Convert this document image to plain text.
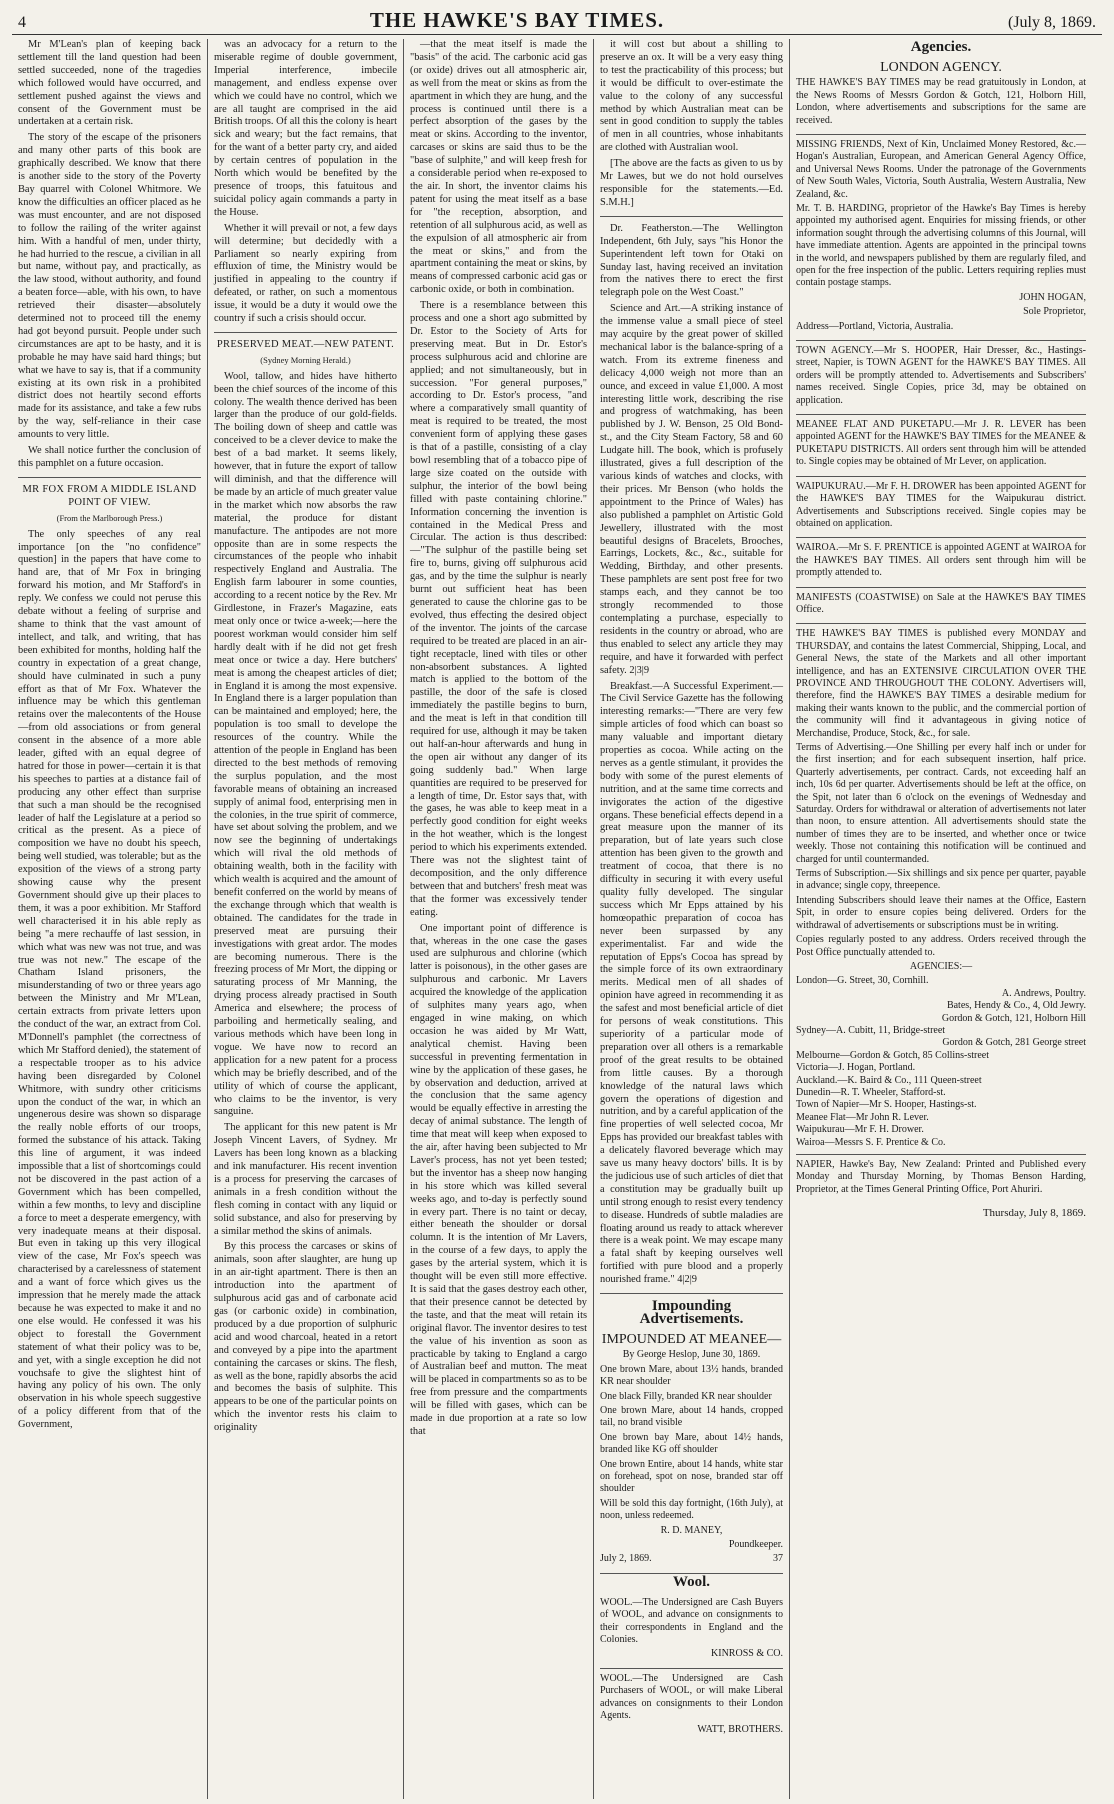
4	THE HAWKE'S BAY TIMES.	(July 8, 1869.

Mr M'Lean's plan of keeping back settlement till the land question had been settled succeeded, none of the tragedies which followed would have occurred, and settlement pushed against the views and consent of the Government must be undertaken at a certain risk.

The story of the escape of the prisoners and many other parts of this book are graphically described. We know that there is another side to the story of the Poverty Bay quarrel with Colonel Whitmore. We know the difficulties an officer placed as he was must encounter, and are not disposed to follow the railing of the writer against him. With a handful of men, under thirty, he had hurried to the rescue, a civilian in all but name, without pay, and practically, as the law stood, without authority, and found a beaten force—able, with his own, to have retrieved their disaster—absolutely determined not to proceed till the enemy had got beyond pursuit. People under such circumstances are apt to be hasty, and it is probable he may have said hard things; but what we have to say is, that if a community existing at its own risk in a prohibited district does not heartily second efforts made for its assistance, and take a few rubs by the way, self-reliance in their case amounts to very little.

We shall notice further the conclusion of this pamphlet on a future occasion.

MR FOX FROM A MIDDLE ISLAND POINT OF VIEW.
(From the Marlborough Press.)

The only speeches of any real importance [on the "no confidence" question] in the papers that have come to hand are, that of Mr Fox in bringing forward his motion, and Mr Stafford's in reply. We confess we could not peruse this debate without a feeling of surprise and shame to think that the vast amount of intellect, and talk, and writing, that has been exhibited for months, holding half the country in expectation of a great change, should have culminated in such a puny effort as that of Mr Fox. Whatever the influence may be which this gentleman retains over the malecontents of the House—from old associations or from general consent in the absence of a more able leader, gifted with an equal degree of hatred for those in power—certain it is that his speeches to parties at a distance fail of producing any other effect than surprise that such a man should be the recognised leader of half the Legislature at a period so critical as the present. As a piece of composition we have no doubt his speech, being well studied, was tolerable; but as the exposition of the views of a strong party showing cause why the present Government should give up their places to them, it was a poor exhibition. Mr Stafford well characterised it in his able reply as being "a mere rechauffe of last session, in which what was new was not true, and was true was not new." The escape of the Chatham Island prisoners, the misunderstanding of two or three years ago between the Ministry and Mr M'Lean, certain extracts from private letters upon the conduct of the war, an extract from Col. M'Donnell's pamphlet (the correctness of which Mr Stafford denied), the statement of a respectable trooper as to his advice having been disregarded by Colonel Whitmore, with sundry other criticisms upon the conduct of the war, in which an ungenerous desire was shown so disparage the really noble efforts of our troops, formed the substance of his attack. Taking this line of argument, it was indeed impossible that a list of shortcomings could not be discovered in the past action of a Government which has been compelled, within a few months, to levy and discipline a force to meet a desperate emergency, with very inadequate means at their disposal. But even in taking up this very illogical view of the case, Mr Fox's speech was characterised by a carelessness of statement and a want of force which gives us the impression that he merely made the attack because he was expected to make it and no one else would. He confessed it was his object to forestall the Government statement of what their policy was to be, and yet, with a single exception he did not vouchsafe to give the slightest hint of having any policy of his own. The only observation in his whole speech suggestive of a policy different from that of the Government,

was an advocacy for a return to the miserable regime of double government, Imperial interference, imbecile management, and endless expense over which we could have no control, which we are all taught are comprised in the aid British troops. Of all this the colony is heart sick and weary; but the fact remains, that for the want of a better party cry, and aided by certain centres of population in the North which would be benefited by the presence of troops, this fatuitous and suicidal policy again commands a party in the House.

Whether it will prevail or not, a few days will determine; but decidedly with a Parliament so nearly expiring from effluxion of time, the Ministry would be justified in appealing to the country if defeated, or rather, on such a momentous issue, it would be a duty it would owe the country if such a crisis should occur.

PRESERVED MEAT.—NEW PATENT.
(Sydney Morning Herald.)

Wool, tallow, and hides have hitherto been the chief sources of the income of this colony. The wealth thence derived has been larger than the produce of our gold-fields. The boiling down of sheep and cattle was conceived to be a clever device to make the best of a bad market. It seems likely, however, that in future the export of tallow will diminish, and that the difference will be made by an article of much greater value in the market which now absorbs the raw material, the produce for distant manufacture. The antipodes are not more opposite than are in some respects the circumstances of the people who inhabit respectively England and Australia. The English farm labourer in some counties, according to a recent notice by the Rev. Mr Girdlestone, in Frazer's Magazine, eats meat only once or twice a-week;—here the poorest workman would consider him self hardly dealt with if he did not get fresh meat once or twice a day. Here butchers' meat is among the cheapest articles of diet; in England it is among the most expensive. In England there is a larger population than can be maintained and employed; here, the population is too small to develope the resources of the country. While the attention of the people in England has been directed to the best methods of removing the surplus population, and the most favorable means of obtaining an increased supply of animal food, enterprising men in the colonies, in the true spirit of commerce, have set about solving the problem, and we now see the beginning of undertakings which will rival the old methods of obtaining wealth, both in the facility with which wealth is acquired and the amount of benefit conferred on the world by means of the exchange through which that wealth is obtained. The candidates for the trade in preserved meat are pursuing their investigations with great ardor. The modes are becoming numerous. There is the freezing process of Mr Mort, the dipping or saturating process of Mr Manning, the drying process already practised in South America and elsewhere; the process of parboiling and hermetically sealing, and various methods which have been long in vogue. We have now to record an application for a new patent for a process which may be briefly described, and of the utility of which of course the applicant, who claims to be the inventor, is very sanguine.

The applicant for this new patent is Mr Joseph Vincent Lavers, of Sydney. Mr Lavers has been long known as a blacking and ink manufacturer. His recent invention is a process for preserving the carcases of animals in a fresh condition without the flesh coming in contact with any liquid or solid substance, and also for preserving by a similar method the skins of animals.

By this process the carcases or skins of animals, soon after slaughter, are hung up in an air-tight apartment. There is then an introduction into the apartment of sulphurous acid gas and of carbonate acid gas (or carbonic oxide) in combination, produced by a due proportion of sulphuric acid and wood charcoal, heated in a retort and conveyed by a pipe into the apartment containing the carcases or skins. The flesh, as well as the bone, rapidly absorbs the acid and becomes the basis of sulphite. This appears to be one of the particular points on which the inventor rests his claim to originality

—that the meat itself is made the "basis" of the acid. The carbonic acid gas (or oxide) drives out all atmospheric air, as well from the meat or skins as from the apartment in which they are hung, and the process is continued until there is a perfect absorption of the gases by the meat or skins. According to the inventor, carcases or skins are said thus to be the "base of sulphite," and will keep fresh for a considerable period when re-exposed to the air. In short, the inventor claims his patent for using the meat itself as a base for "the reception, absorption, and retention of all sulphurous acid, as well as the expulsion of all atmospheric air from the meat or skins," and from the apartment containing the meat or skins, by means of compressed carbonic acid gas or carbonic oxide, or both in combination.

There is a resemblance between this process and one a short ago submitted by Dr. Estor to the Society of Arts for preserving meat. But in Dr. Estor's process sulphurous acid and chlorine are applied; and not simultaneously, but in succession. "For general purposes," according to Dr. Estor's process, "and where a comparatively small quantity of meat is required to be treated, the most convenient form of applying these gases is that of a pastille, consisting of a clay bowl resembling that of a tobacco pipe of large size coated on the outside with sulphur, the interior of the bowl being filled with paste containing chlorine." Information concerning the invention is contained in the Medical Press and Circular. The action is thus described:—"The sulphur of the pastille being set fire to, burns, giving off sulphurous acid gas, and by the time the sulphur is nearly burnt out sufficient heat has been generated to cause the chlorine gas to be evolved, thus effecting the desired object of the inventor. The joints of the carcase required to be treated are placed in an air-tight receptacle, lined with tiles or other non-absorbent substances. A lighted match is applied to the bottom of the pastille, the door of the safe is closed immediately the pastille begins to burn, and the meat is left in that condition till required for use, although it may be taken out half-an-hour afterwards and hung in the open air without any danger of its going suddenly bad." When large quantities are required to be preserved for a length of time, Dr. Estor says that, with the gases, he was able to keep meat in a perfectly good condition for eight weeks in the hot weather, which is the longest period to which his experiments extended. There was not the slightest taint of decomposition, and the only difference between that and butchers' fresh meat was that the former was excessively tender eating.

One important point of difference is that, whereas in the one case the gases used are sulphurous and chlorine (which latter is poisonous), in the other gases are sulphurous and carbonic. Mr Lavers acquired the knowledge of the application of sulphites many years ago, when engaged in wine making, on which occasion he was aided by Mr Watt, analytical chemist. Having been successful in preventing fermentation in wine by the application of these gases, he by observation and deduction, arrived at the conclusion that the same agency would be equally effective in arresting the decay of animal substance. The length of time that meat will keep when exposed to the air, after having been subjected to Mr Laver's process, has not yet been tested; but the inventor has a sheep now hanging in his store which was killed several weeks ago, and to-day is perfectly sound in every part. There is no taint or decay, either beneath the shoulder or dorsal column. It is the intention of Mr Lavers, in the course of a few days, to apply the gases by the arterial system, which it is thought will be even still more effective. It is said that the gases destroy each other, that their presence cannot be detected by the taste, and that the meat will retain its original flavor. The inventor desires to test the value of his invention as soon as practicable by taking to England a cargo of Australian beef and mutton. The meat will be placed in compartments so as to be free from pressure and the compartments will be filled with gases, which can be made in due proportion at a rate so low that

it will cost but about a shilling to preserve an ox. It will be a very easy thing to test the practicability of this process; but it would be difficult to over-estimate the value to the colony of any successful method by which Australian meat can be sent in good condition to supply the tables of men in all countries, whose inhabitants are clothed with Australian wool.

[The above are the facts as given to us by Mr Lawes, but we do not hold ourselves responsible for the statements.—Ed. S.M.H.]

Dr. Featherston.—The Wellington Independent, 6th July, says "his Honor the Superintendent left town for Otaki on Sunday last, having received an invitation from the natives there to erect the first telegraph pole on the West Coast."

Science and Art.—A striking instance of the immense value a small piece of steel may acquire by the great power of skilled mechanical labor is the balance-spring of a watch. From its extreme fineness and delicacy 4,000 weigh not more than an ounce, and exceed in value £1,000. A most interesting little work, describing the rise and progress of watchmaking, has been published by J. W. Benson, 25 Old Bond-st., and the City Steam Factory, 58 and 60 Ludgate hill. The book, which is profusely illustrated, gives a full description of the various kinds of watches and clocks, with their prices. Mr Benson (who holds the appointment to the Prince of Wales) has also published a pamphlet on Artistic Gold Jewellery, illustrated with the most beautiful designs of Bracelets, Brooches, Earrings, Lockets, &c., &c., suitable for Wedding, Birthday, and other presents. These pamphlets are sent post free for two stamps each, and they cannot be too strongly recommended to those contemplating a purchase, especially to residents in the country or abroad, who are thus enabled to select any article they may require, and have it forwarded with perfect safety. 2|3|9

Breakfast.—A Successful Experiment.—The Civil Service Gazette has the following interesting remarks:—"There are very few simple articles of food which can boast so many valuable and important dietary properties as cocoa. While acting on the nerves as a gentle stimulant, it provides the body with some of the purest elements of nutrition, and at the same time corrects and invigorates the action of the digestive organs. These beneficial effects depend in a great measure upon the manner of its preparation, but of late years such close attention has been given to the growth and treatment of cocoa, that there is no difficulty in securing it with every useful quality fully developed. The singular success which Mr Epps attained by his homœopathic preparation of cocoa has never been surpassed by any experimentalist. Far and wide the reputation of Epps's Cocoa has spread by the simple force of its own extraordinary merits. Medical men of all shades of opinion have agreed in recommending it as the safest and most beneficial article of diet for persons of weak constitutions. This superiority of a particular mode of preparation over all others is a remarkable proof of the great results to be obtained from little causes. By a thorough knowledge of the natural laws which govern the operations of digestion and nutrition, and by a careful application of the fine properties of well selected cocoa, Mr Epps has provided our breakfast tables with a delicately flavored beverage which may save us many heavy doctors' bills. It is by the judicious use of such articles of diet that a constitution may be gradually built up until strong enough to resist every tendency to disease. Hundreds of subtle maladies are floating around us ready to attack wherever there is a weak point. We may escape many a fatal shaft by keeping ourselves well fortified with pure blood and a properly nourished frame." 4|2|9

Impounding Advertisements.

IMPOUNDED AT MEANEE—

By George Heslop, June 30, 1869.

One brown Mare, about 13½ hands, branded KR near shoulder

One black Filly, branded KR near shoulder

One brown Mare, about 14 hands, cropped tail, no brand visible

One brown bay Mare, about 14½ hands, branded like KG off shoulder

One brown Entire, about 14 hands, white star on forehead, spot on nose, branded star off shoulder

Will be sold this day fortnight, (16th July), at noon, unless redeemed.

R. D. MANEY,

Poundkeeper.

July 2, 1869.	37

Wool.

WOOL.—The Undersigned are Cash Buyers of WOOL, and advance on consignments to their correspondents in England and the Colonies.

KINROSS & CO.

WOOL.—The Undersigned are Cash Purchasers of WOOL, or will make Liberal advances on consignments to their London Agents.

WATT, BROTHERS.

Agencies.

LONDON AGENCY.

THE HAWKE'S BAY TIMES may be read gratuitously in London, at the News Rooms of Messrs Gordon & Gotch, 121, Holborn Hill, London, where advertisements and subscriptions for the same are received.

MISSING FRIENDS, Next of Kin, Unclaimed Money Restored, &c.—Hogan's Australian, European, and American General Agency Office, and Universal News Rooms. Under the patronage of the Governments of New South Wales, Victoria, South Australia, Western Australia, New Zealand, &c.

Mr. T. B. HARDING, proprietor of the Hawke's Bay Times is hereby appointed my authorised agent. Enquiries for missing friends, or other information sought through the advertising columns of this Journal, will have immediate attention. Agents are appointed in the principal towns in the world, and newspapers published by them are regularly filed, and open for the free inspection of the public. Letters requiring replies must contain postage stamps.

JOHN HOGAN,

Sole Proprietor,

Address—Portland, Victoria, Australia.

TOWN AGENCY.—Mr S. HOOPER, Hair Dresser, &c., Hastings-street, Napier, is TOWN AGENT for the HAWKE'S BAY TIMES. All orders will be promptly attended to. Advertisements and Subscribers' names received. Single Copies, price 3d, may be obtained on application.

MEANEE FLAT AND PUKETAPU.—Mr J. R. LEVER has been appointed AGENT for the HAWKE'S BAY TIMES for the MEANEE & PUKETAPU DISTRICTS. All orders sent through him will be attended to. Single copies may be obtained of Mr Lever, on application.

WAIPUKURAU.—Mr F. H. DROWER has been appointed AGENT for the HAWKE'S BAY TIMES for the Waipukurau district. Advertisements and Subscriptions received. Single copies may be obtained on application.

WAIROA.—Mr S. F. PRENTICE is appointed AGENT at WAIROA for the HAWKE'S BAY TIMES. All orders sent through him will be promptly attended to.

MANIFESTS (COASTWISE) on Sale at the HAWKE'S BAY TIMES Office.

THE HAWKE'S BAY TIMES is published every MONDAY and THURSDAY, and contains the latest Commercial, Shipping, Local, and General News, the state of the Markets and all other important intelligence, and has an EXTENSIVE CIRCULATION OVER THE PROVINCE AND THROUGHOUT THE COLONY. Advertisers will, therefore, find the HAWKE'S BAY TIMES a desirable medium for making their wants known to the public, and the commercial portion of the community will find it advantageous in giving notice of Merchandise, Produce, Stock, &c., for sale.

Terms of Advertising.—One Shilling per every half inch or under for the first insertion; and for each subsequent insertion, half price. Quarterly advertisements, per contract. Cards, not exceeding half an inch, 10s 6d per quarter. Advertisements should be left at the office, on the Spit, not later than 6 o'clock on the evenings of Wednesday and Saturday. Orders for withdrawal or alteration of advertisements not later than noon, to ensure attention. All advertisements should state the number of times they are to be inserted, and whether once or twice weekly. Those not containing this notification will be continued and charged for until countermanded.

Terms of Subscription.—Six shillings and six pence per quarter, payable in advance; single copy, threepence.

Intending Subscribers should leave their names at the Office, Eastern Spit, in order to ensure copies being delivered. Orders for the withdrawal of advertisements or subscriptions must be in writing.

Copies regularly posted to any address. Orders received through the Post Office punctually attended to.

AGENCIES:—

London—G. Street, 30, Cornhill.

A. Andrews, Poultry.

Bates, Hendy & Co., 4, Old Jewry.

Gordon & Gotch, 121, Holborn Hill

Sydney—A. Cubitt, 11, Bridge-street

Gordon & Gotch, 281 George street

Melbourne—Gordon & Gotch, 85 Collins-street

Victoria—J. Hogan, Portland.

Auckland.—K. Baird & Co., 111 Queen-street

Dunedin—R. T. Wheeler, Stafford-st.

Town of Napier—Mr S. Hooper, Hastings-st.

Meanee Flat—Mr John R. Lever.

Waipukurau—Mr F. H. Drower.

Wairoa—Messrs S. F. Prentice & Co.

NAPIER, Hawke's Bay, New Zealand: Printed and Published every Monday and Thursday Morning, by Thomas Benson Harding, Proprietor, at the Times General Printing Office, Port Ahuriri.

Thursday, July 8, 1869.
